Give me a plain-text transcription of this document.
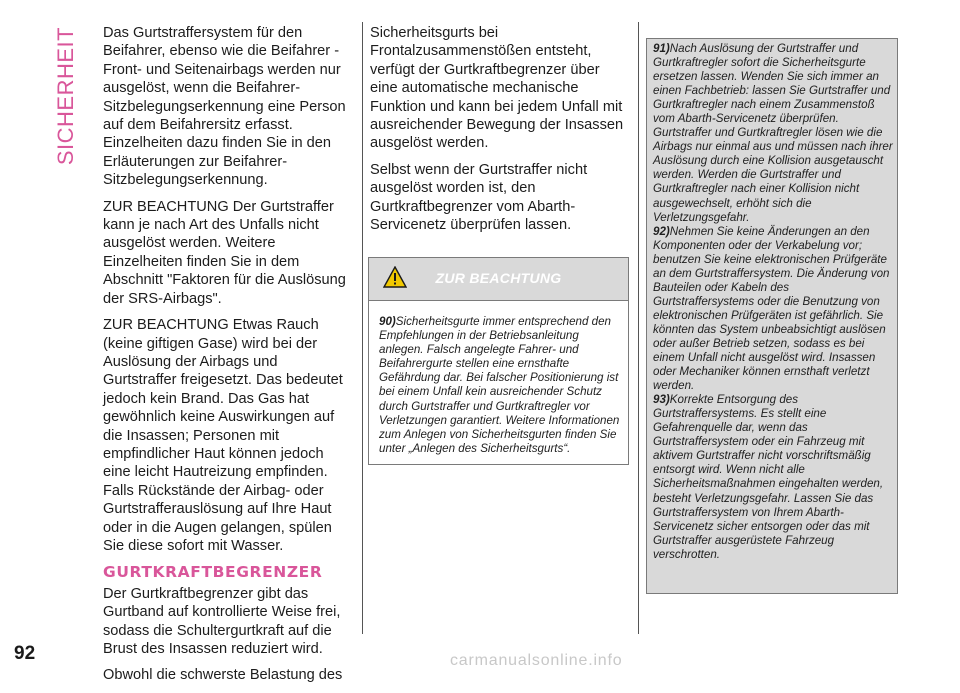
SICHERHEIT
92

Das Gurtstraffersystem für den Beifahrer, ebenso wie die Beifahrer - Front- und Seitenairbags werden nur ausgelöst, wenn die Beifahrer-Sitzbelegungserkennung eine Person auf dem Beifahrersitz erfasst. Einzelheiten dazu finden Sie in den Erläuterungen zur Beifahrer-Sitzbelegungserkennung.

ZUR BEACHTUNG Der Gurtstraffer kann je nach Art des Unfalls nicht ausgelöst werden. Weitere Einzelheiten finden Sie in dem Abschnitt "Faktoren für die Auslösung der SRS-Airbags".

ZUR BEACHTUNG Etwas Rauch (keine giftigen Gase) wird bei der Auslösung der Airbags und Gurtstraffer freigesetzt. Das bedeutet jedoch kein Brand. Das Gas hat gewöhnlich keine Auswirkungen auf die Insassen; Personen mit empfindlicher Haut können jedoch eine leicht Hautreizung empfinden. Falls Rückstände der Airbag- oder Gurtstrafferauslösung auf Ihre Haut oder in die Augen gelangen, spülen Sie diese sofort mit Wasser.

GURTKRAFTBEGRENZER

Der Gurtkraftbegrenzer gibt das Gurtband auf kontrollierte Weise frei, sodass die Schultergurtkraft auf die Brust des Insassen reduziert wird.

Obwohl die schwerste Belastung des

Sicherheitsgurts bei Frontalzusammenstößen entsteht, verfügt der Gurtkraftbegrenzer über eine automatische mechanische Funktion und kann bei jedem Unfall mit ausreichender Bewegung der Insassen ausgelöst werden.

Selbst wenn der Gurtstraffer nicht ausgelöst worden ist, den Gurtkraftbegrenzer vom Abarth-Servicenetz überprüfen lassen.

ZUR BEACHTUNG
90)Sicherheitsgurte immer entsprechend den Empfehlungen in der Betriebsanleitung anlegen. Falsch angelegte Fahrer- und Beifahrergurte stellen eine ernsthafte Gefährdung dar. Bei falscher Positionierung ist bei einem Unfall kein ausreichender Schutz durch Gurtstraffer und Gurtkraftregler vor Verletzungen garantiert. Weitere Informationen zum Anlegen von Sicherheitsgurten finden Sie unter „Anlegen des Sicherheitsgurts“.

91)Nach Auslösung der Gurtstraffer und Gurtkraftregler sofort die Sicherheitsgurte ersetzen lassen. Wenden Sie sich immer an einen Fachbetrieb: lassen Sie Gurtstraffer und Gurtkraftregler nach einem Zusammenstoß vom Abarth-Servicenetz überprüfen. Gurtstraffer und Gurtkraftregler lösen wie die Airbags nur einmal aus und müssen nach ihrer Auslösung durch eine Kollision ausgetauscht werden. Werden die Gurtstraffer und Gurtkraftregler nach einer Kollision nicht ausgewechselt, erhöht sich die Verletzungsgefahr.

92)Nehmen Sie keine Änderungen an den Komponenten oder der Verkabelung vor; benutzen Sie keine elektronischen Prüfgeräte an dem Gurtstraffersystem. Die Änderung von Bauteilen oder Kabeln des Gurtstraffersystems oder die Benutzung von elektronischen Prüfgeräten ist gefährlich. Sie könnten das System unbeabsichtigt auslösen oder außer Betrieb setzen, sodass es bei einem Unfall nicht ausgelöst wird. Insassen oder Mechaniker können ernsthaft verletzt werden.

93)Korrekte Entsorgung des Gurtstraffersystems. Es stellt eine Gefahrenquelle dar, wenn das Gurtstraffersystem oder ein Fahrzeug mit aktivem Gurtstraffer nicht vorschriftsmäßig entsorgt wird. Wenn nicht alle Sicherheitsmaßnahmen eingehalten werden, besteht Verletzungsgefahr. Lassen Sie das Gurtstraffersystem von Ihrem Abarth-Servicenetz sicher entsorgen oder das mit Gurtstraffer ausgerüstete Fahrzeug verschrotten.

carmanualsonline.info
